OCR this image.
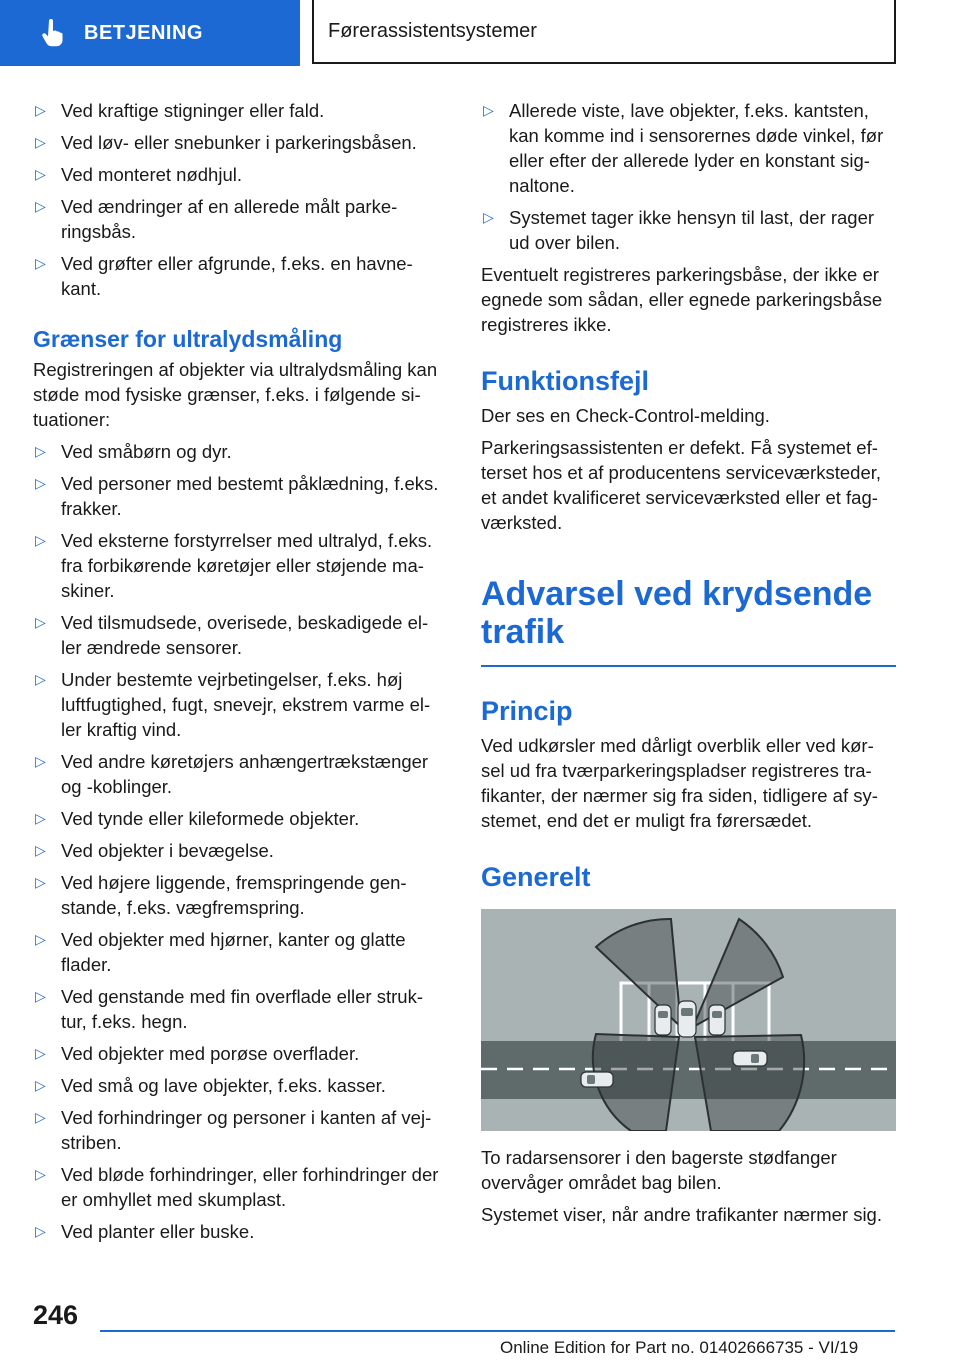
BETJENING	Førerassistentsystemer
▷ Ved kraftige stigninger eller fald.
▷ Ved løv- eller snebunker i parkeringsbåsen.
▷ Ved monteret nødhjul.
▷ Ved ændringer af en allerede målt parke-ringsbås.
▷ Ved grøfter eller afgrunde, f.eks. en havne-kant.
Grænser for ultralydsmåling

Registreringen af objekter via ultralydsmåling kan støde mod fysiske grænser, f.eks. i følgende si-tuationer:

▷ Ved småbørn og dyr.
▷ Ved personer med bestemt påklædning, f.eks. frakker.
▷ Ved eksterne forstyrrelser med ultralyd, f.eks. fra forbikørende køretøjer eller støjende ma-skiner.
▷ Ved tilsmudsede, overisede, beskadigede el-ler ændrede sensorer.
▷ Under bestemte vejrbetingelser, f.eks. høj luftfugtighed, fugt, snevejr, ekstrem varme el-ler kraftig vind.
▷ Ved andre køretøjers anhængertrækstænger og -koblinger.
▷ Ved tynde eller kileformede objekter.
▷ Ved objekter i bevægelse.
▷ Ved højere liggende, fremspringende gen-stande, f.eks. vægfremspring.
▷ Ved objekter med hjørner, kanter og glatte flader.
▷ Ved genstande med fin overflade eller struk-tur, f.eks. hegn.
▷ Ved objekter med porøse overflader.
▷ Ved små og lave objekter, f.eks. kasser.
▷ Ved forhindringer og personer i kanten af vej-striben.
▷ Ved bløde forhindringer, eller forhindringer der er omhyllet med skumplast.
▷ Ved planter eller buske.
▷ Allerede viste, lave objekter, f.eks. kantsten, kan komme ind i sensorernes døde vinkel, før eller efter der allerede lyder en konstant sig-naltone.
▷ Systemet tager ikke hensyn til last, der rager ud over bilen.

Eventuelt registreres parkeringsbåse, der ikke er egnede som sådan, eller egnede parkeringsbåse registreres ikke.

Funktionsfejl

Der ses en Check-Control-melding.

Parkeringsassistenten er defekt. Få systemet ef-terset hos et af producentens serviceværksteder, et andet kvalificeret serviceværksted eller et fag-værksted.

Advarsel ved krydsende trafik
Princip

Ved udkørsler med dårligt overblik eller ved kør-sel ud fra tværparkeringspladser registreres tra-fikanter, der nærmer sig fra siden, tidligere af sy-stemet, end det er muligt fra førersædet.

Generelt

To radarsensorer i den bagerste stødfanger overvåger området bag bilen.

Systemet viser, når andre trafikanter nærmer sig.

246
Online Edition for Part no. 01402666735 - VI/19
